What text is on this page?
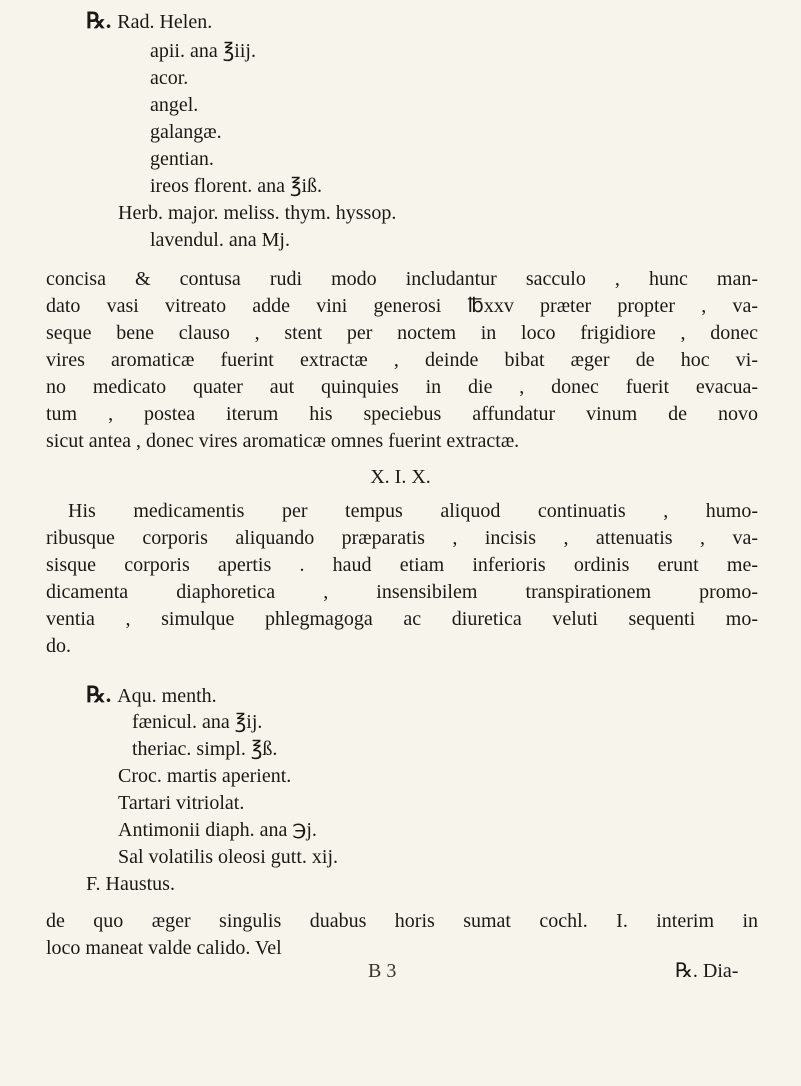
℞. Rad. Helen.
apii. ana ℥iij.
acor.
angel.
galangæ.
gentian.
ireos florent. ana ℥iß.
Herb. major. meliss. thym. hyssop.
lavendul. ana Mj.
concisa & contusa rudi modo includantur sacculo , hunc man-
dato vasi vitreato adde vini generosi ℔xxv præter propter , va-
seque bene clauso , stent per noctem in loco frigidiore , donec
vires aromaticæ fuerint extractæ , deinde bibat æger de hoc vi-
no medicato quater aut quinquies in die , donec fuerit evacua-
tum , postea iterum his speciebus affundatur vinum de novo
sicut antea , donec vires aromaticæ omnes fuerint extractæ.
X. I. X.
His medicamentis per tempus aliquod continuatis , humo-
ribusque corporis aliquando præparatis , incisis , attenuatis , va-
sisque corporis apertis . haud etiam inferioris ordinis erunt me-
dicamenta diaphoretica , insensibilem transpirationem promo-
ventia , simulque phlegmagoga ac diuretica veluti sequenti mo-
do.
℞. Aqu. menth.
fænicul. ana ℥ij.
theriac. simpl. ℥ß.
Croc. martis aperient.
Tartari vitriolat.
Antimonii diaph. ana ℈j.
Sal volatilis oleosi gutt. xij.
F. Haustus.
de quo æger singulis duabus horis sumat cochl. I. interim in
loco maneat valde calido. Vel
B 3	℞. Dia-
